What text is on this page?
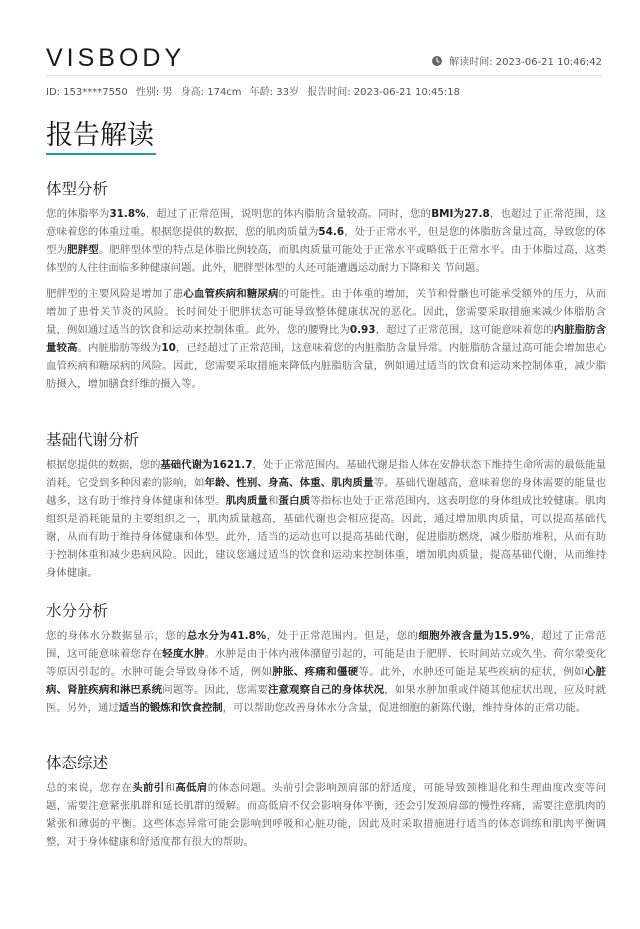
VISBODY	解读时间: 2023-06-21 10:46:42
ID: 153****7550 性别: 男 身高: 174cm 年龄: 33岁 报告时间: 2023-06-21 10:45:18
报告解读
体型分析

您的体脂率为31.8%，超过了正常范围，说明您的体内脂肪含量较高。同时，您的BMI为27.8，也超过了正常范围，这意味着您的体重过重。根据您提供的数据，您的肌肉质量为54.6，处于正常水平，但是您的体脂肪含量过高，导致您的体型为肥胖型。肥胖型体型的特点是体脂比例较高，而肌肉质量可能处于正常水平或略低于正常水平。由于体脂过高，这类体型的人往往面临多种健康问题。此外，肥胖型体型的人还可能遭遇运动耐力下降和关 节问题。

肥胖型的主要风险是增加了患心血管疾病和糖尿病的可能性。由于体重的增加，关节和骨骼也可能承受额外的压力，从而增加了患骨关节炎的风险。长时间处于肥胖状态可能导致整体健康状况的恶化。因此，您需要采取措施来减少体脂肪含量，例如通过适当的饮食和运动来控制体重。此外，您的腰臀比为0.93，超过了正常范围，这可能意味着您的内脏脂肪含量较高。内脏脂肪等级为10，已经超过了正常范围，这意味着您的内脏脂肪含量异常。内脏脂肪含量过高可能会增加患心血管疾病和糖尿病的风险。因此，您需要采取措施来降低内脏脂肪含量，例如通过适当的饮食和运动来控制体重，减少脂肪摄入，增加膳食纤维的摄入等。

基础代谢分析

根据您提供的数据，您的基础代谢为1621.7，处于正常范围内。基础代谢是指人体在安静状态下维持生命所需的最低能量消耗，它受到多种因素的影响，如年龄、性别、身高、体重、肌肉质量等。基础代谢越高，意味着您的身体需要的能量也越多，这有助于维持身体健康和体型。肌肉质量和蛋白质等指标也处于正常范围内，这表明您的身体组成比较健康。肌肉组织是消耗能量的主要组织之一，肌肉质量越高，基础代谢也会相应提高。因此，通过增加肌肉质量，可以提高基础代谢，从而有助于维持身体健康和体型。此外，适当的运动也可以提高基础代谢，促进脂肪燃烧，减少脂肪堆积，从而有助于控制体重和减少患病风险。因此，建议您通过适当的饮食和运动来控制体重，增加肌肉质量，提高基础代谢，从而维持身体健康。

水分分析

您的身体水分数据显示，您的总水分为41.8%，处于正常范围内。但是，您的细胞外液含量为15.9%，超过了正常范围，这可能意味着您存在轻度水肿。水肿是由于体内液体潴留引起的，可能是由于肥胖、长时间站立或久坐、荷尔蒙变化等原因引起的。水肿可能会导致身体不适，例如肿胀、疼痛和僵硬等。此外，水肿还可能是某些疾病的症状，例如心脏病、肾脏疾病和淋巴系统问题等。因此，您需要注意观察自己的身体状况，如果水肿加重或伴随其他症状出现，应及时就医。另外，通过适当的锻炼和饮食控制，可以帮助您改善身体水分含量，促进细胞的新陈代谢，维持身体的正常功能。

体态综述

总的来说，您存在头前引和高低肩的体态问题。头前引会影响颈肩部的舒适度，可能导致颈椎退化和生理曲度改变等问题，需要注意紧张肌群和延长肌群的缓解。而高低肩不仅会影响身体平衡，还会引发颈肩部的慢性疼痛，需要注意肌肉的紧张和薄弱的平衡。这些体态异常可能会影响到呼吸和心脏功能，因此及时采取措施进行适当的体态训练和肌肉平衡调整，对于身体健康和舒适度都有很大的帮助。
